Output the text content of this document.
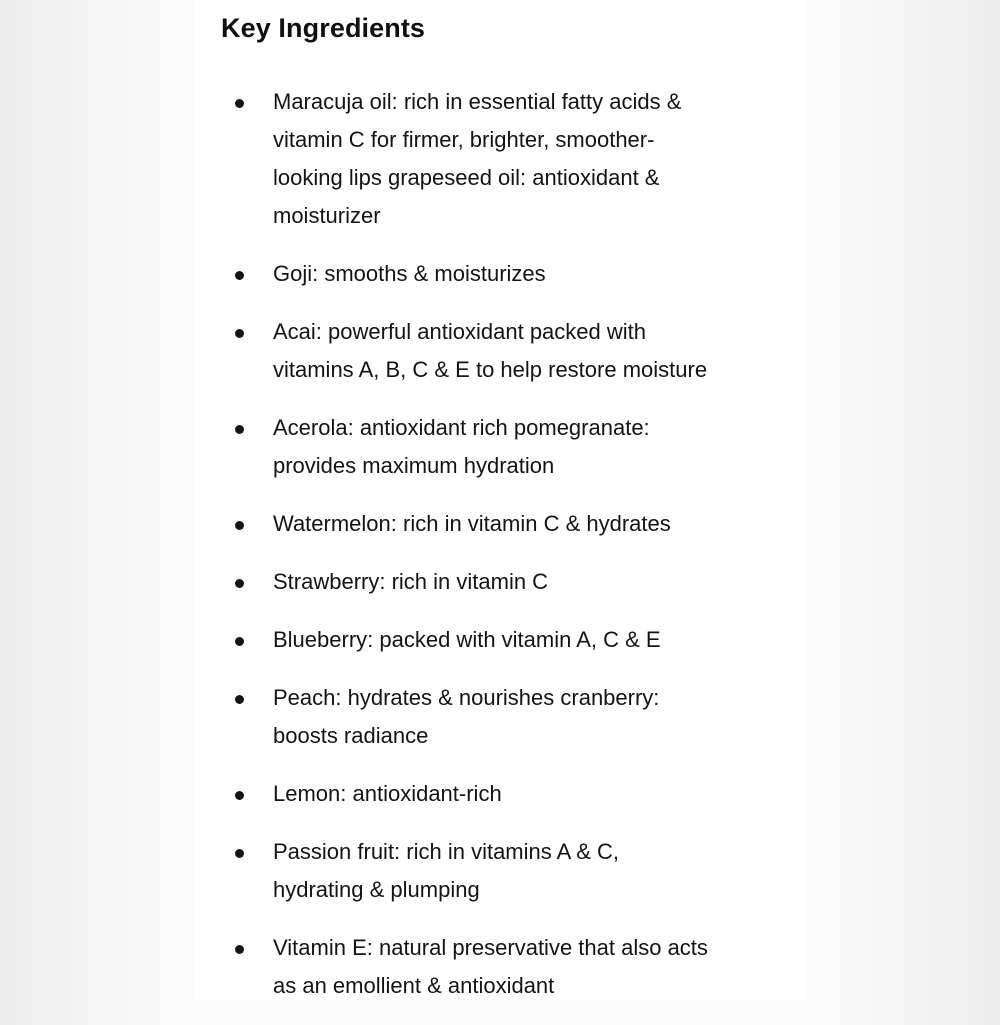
Key Ingredients
Maracuja oil: rich in essential fatty acids &
vitamin C for firmer, brighter, smoother-
looking lips grapeseed oil: antioxidant &
moisturizer
Goji: smooths & moisturizes
Acai: powerful antioxidant packed with
vitamins A, B, C & E to help restore moisture
Acerola: antioxidant rich pomegranate:
provides maximum hydration
Watermelon: rich in vitamin C & hydrates
Strawberry: rich in vitamin C
Blueberry: packed with vitamin A, C & E
Peach: hydrates & nourishes cranberry:
boosts radiance
Lemon: antioxidant-rich
Passion fruit: rich in vitamins A & C,
hydrating & plumping
Vitamin E: natural preservative that also acts
as an emollient & antioxidant
